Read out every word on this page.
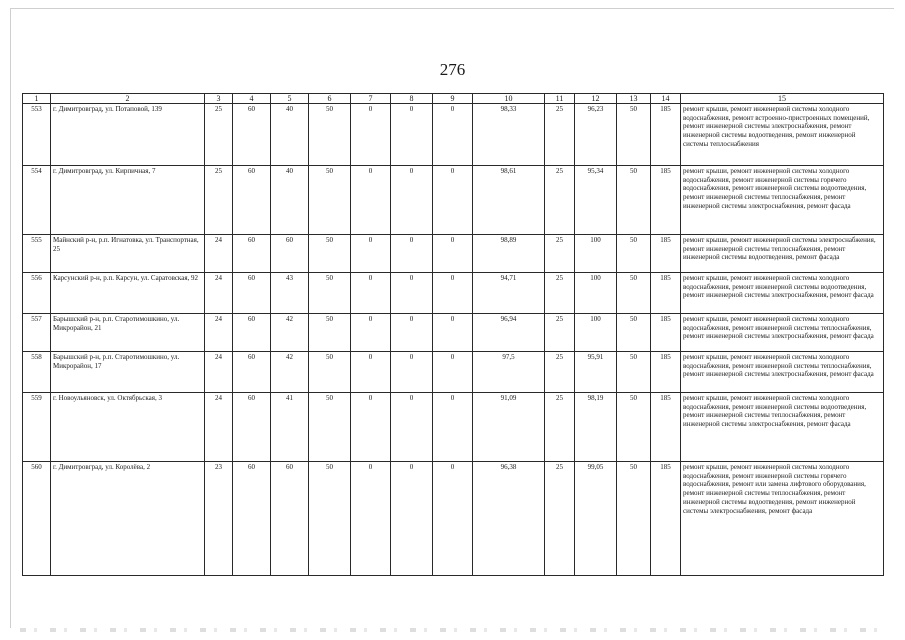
276
1	2	3	4	5	6	7	8	9	10	11	12	13	14	15
553	г. Димитровград, ул. Потаповой, 139	25	60	40	50	0	0	0	98,33	25	96,23	50	185	ремонт крыши, ремонт инженерной системы холодного водоснабжения, ремонт встроенно-пристроенных помещений, ремонт инженерной системы электроснабжения, ремонт инженерной системы водоотведения, ремонт инженерной системы теплоснабжения
554	г. Димитровград, ул. Кирпичная, 7	25	60	40	50	0	0	0	98,61	25	95,34	50	185	ремонт крыши, ремонт инженерной системы холодного водоснабжения, ремонт инженерной системы горячего водоснабжения, ремонт инженерной системы водоотведения, ремонт инженерной системы теплоснабжения, ремонт инженерной системы электроснабжения, ремонт фасада
555	Майнский р-н, р.п. Игнатовка, ул. Транспортная, 25	24	60	60	50	0	0	0	98,89	25	100	50	185	ремонт крыши, ремонт инженерной системы электроснабжения, ремонт инженерной системы теплоснабжения, ремонт инженерной системы водоотведения, ремонт фасада
556	Карсунский р-н, р.п. Карсун, ул. Саратовская, 92	24	60	43	50	0	0	0	94,71	25	100	50	185	ремонт крыши, ремонт инженерной системы холодного водоснабжения, ремонт инженерной системы водоотведения, ремонт инженерной системы электроснабжения, ремонт фасада
557	Барышский р-н, р.п. Старотимошкино, ул. Микрорайон, 21	24	60	42	50	0	0	0	96,94	25	100	50	185	ремонт крыши, ремонт инженерной системы холодного водоснабжения, ремонт инженерной системы теплоснабжения, ремонт инженерной системы электроснабжения, ремонт фасада
558	Барышский р-н, р.п. Старотимошкино, ул. Микрорайон, 17	24	60	42	50	0	0	0	97,5	25	95,91	50	185	ремонт крыши, ремонт инженерной системы холодного водоснабжения, ремонт инженерной системы теплоснабжения, ремонт инженерной системы электроснабжения, ремонт фасада
559	г. Новоульяновск, ул. Октябрьская, 3	24	60	41	50	0	0	0	91,09	25	98,19	50	185	ремонт крыши, ремонт инженерной системы холодного водоснабжения, ремонт инженерной системы водоотведения, ремонт инженерной системы теплоснабжения, ремонт инженерной системы электроснабжения, ремонт фасада
560	г. Димитровград, ул. Королёва, 2	23	60	60	50	0	0	0	96,38	25	99,05	50	185	ремонт крыши, ремонт инженерной системы холодного водоснабжения, ремонт инженерной системы горячего водоснабжения, ремонт или замена лифтового оборудования, ремонт инженерной системы теплоснабжения, ремонт инженерной системы водоотведения, ремонт инженерной системы электроснабжения, ремонт фасада
